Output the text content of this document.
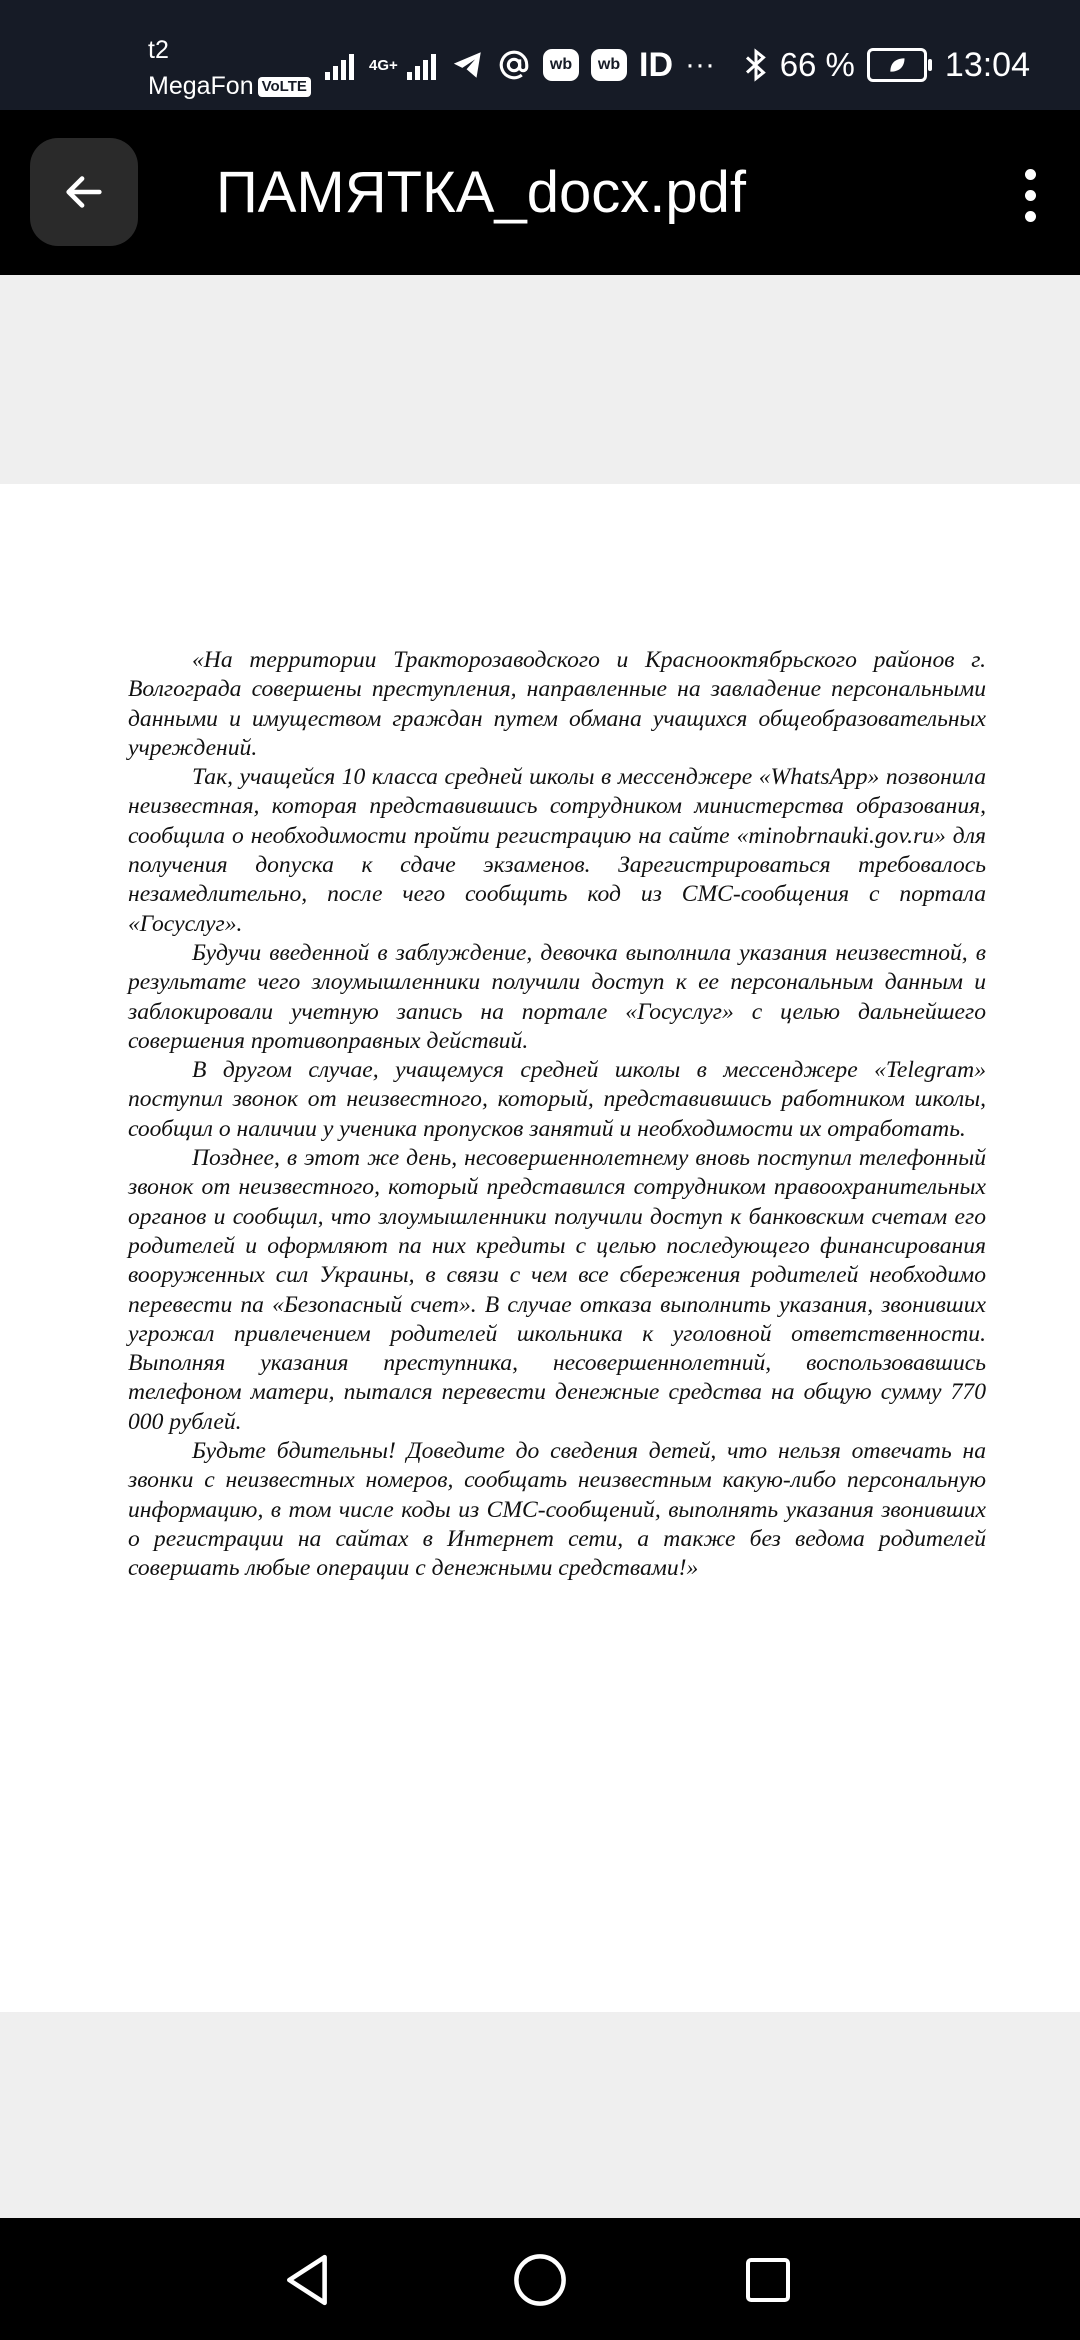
t2
MegaFon VoLTE
4G+	wb	wb ID ··· 66 %	13:04
ПАМЯТКА_docx.pdf

«На территории Тракторозаводского и Краснооктябрьского районов г. Волгограда совершены преступления, направленные на завладение персональными данными и имуществом граждан путем обмана учащихся общеобразовательных учреждений.

Так, учащейся 10 класса средней школы в мессенджере «WhatsApp» позвонила неизвестная, которая представившись сотрудником министерства образования, сообщила о необходимости пройти регистрацию на сайте «minobrnauki.gov.ru» для получения допуска к сдаче экзаменов. Зарегистрироваться требовалось незамедлительно, после чего сообщить код из СМС-сообщения с портала «Госуслуг».

Будучи введенной в заблуждение, девочка выполнила указания неизвестной, в результате чего злоумышленники получили доступ к ее персональным данным и заблокировали учетную запись на портале «Госуслуг» с целью дальнейшего совершения противоправных действий.

В другом случае, учащемуся средней школы в мессенджере «Telegram» поступил звонок от неизвестного, который, представившись работником школы, сообщил о наличии у ученика пропусков занятий и необходимости их отработать.

Позднее, в этот же день, несовершеннолетнему вновь поступил телефонный звонок от неизвестного, который представился сотрудником правоохранительных органов и сообщил, что злоумышленники получили доступ к банковским счетам его родителей и оформляют па них кредиты с целью последующего финансирования вооруженных сил Украины, в связи с чем все сбережения родителей необходимо перевести па «Безопасный счет». В случае отказа выполнить указания, звонивших угрожал привлечением родителей школьника к уголовной ответственности. Выполняя указания преступника, несовершеннолетний, воспользовавшись телефоном матери, пытался перевести денежные средства на общую сумму 770 000 рублей.

Будьте бдительны! Доведите до сведения детей, что нельзя отвечать на звонки с неизвестных номеров, сообщать неизвестным какую-либо персональную информацию, в том числе коды из СМС-сообщений, выполнять указания звонивших о регистрации на сайтах в Интернет сети, а также без ведома родителей совершать любые операции с денежными средствами!»
